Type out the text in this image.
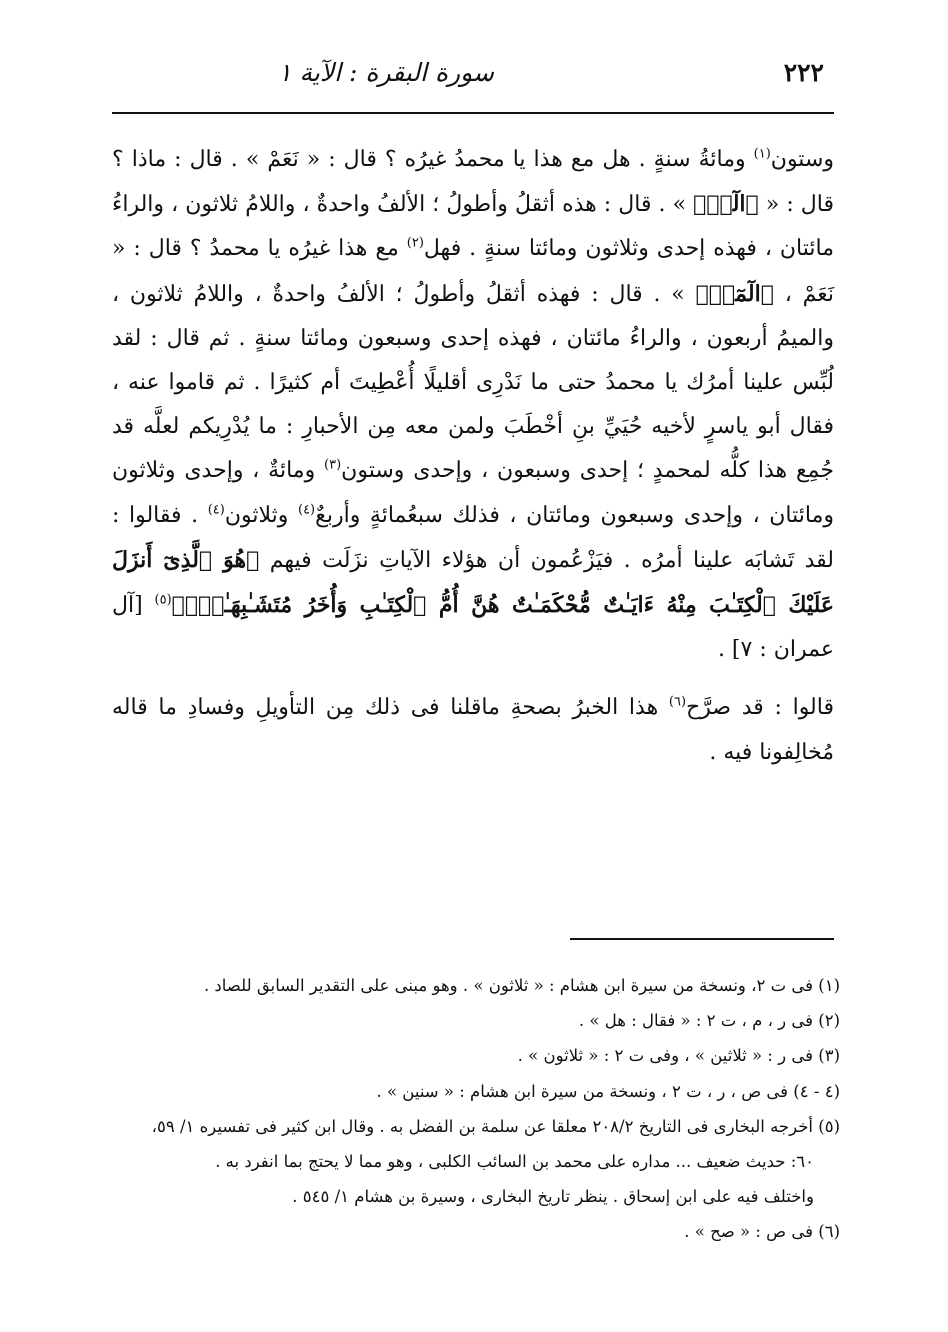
٢٢٢
سورة البقرة : الآية ١

وستون$^{(١)}$ ومائةُ سنةٍ . هل مع هذا يا محمدُ غيرُه ؟ قال : « نَعَمْ » . قال : ماذا ؟ قال : « ﴿الٓرۚ﴾ » . قال : هذه أثقلُ وأطولُ ؛ الألفُ واحدةٌ ، واللامُ ثلاثون ، والراءُ مائتان ، فهذه إحدى وثلاثون ومائتا سنةٍ . فهل$^{(٢)}$ مع هذا غيرُه يا محمدُ ؟ قال : « نَعَمْ ، ﴿الٓمٓرۚ﴾ » . قال : فهذه أثقلُ وأطولُ ؛ الألفُ واحدةٌ ، واللامُ ثلاثون ، والميمُ أربعون ، والراءُ مائتان ، فهذه إحدى وسبعون ومائتا سنةٍ . ثم قال : لقد لُبِّس علينا أمرُك يا محمدُ حتى ما نَدْرِى أقليلًا أُعْطِيتَ أم كثيرًا . ثم قاموا عنه ، فقال أبو ياسرٍ لأخيه حُيَيِّ بنِ أخْطَبَ ولمن معه مِن الأحبارِ : ما يُدْرِيكم لعلَّه قد جُمِع هذا كلُّه لمحمدٍ ؛ إحدى وسبعون ، وإحدى وستون$^{(٣)}$ ومائةٌ ، وإحدى وثلاثون ومائتان ، وإحدى وسبعون ومائتان ، فذلك سبعُمائةٍ وأربعٌ$^{(٤)}$ وثلاثون$^{(٤)}$ . فقالوا : لقد تَشابَه علينا أمرُه . فيَزْعُمون أن هؤلاء الآياتِ نزَلَت فيهم ﴿هُوَ ٱلَّذِىٓ أَنزَلَ عَلَيْكَ ٱلْكِتَـٰبَ مِنْهُ ءَايَـٰتٌ مُّحْكَمَـٰتٌ هُنَّ أُمُّ ٱلْكِتَـٰبِ وَأُخَرُ مُتَشَـٰبِهَـٰتٌۖ﴾$^{(٥)}$ [آل عمران : ٧] .

قالوا : قد صرَّح$^{(٦)}$ هذا الخبرُ بصحةِ ماقلنا فى ذلك مِن التأويلِ وفسادِ ما قاله مُخالِفونا فيه .

(١) فى ت ٢، ونسخة من سيرة ابن هشام : « ثلاثون » . وهو مبنى على التقدير السابق للصاد .

(٢) فى ر ، م ، ت ٢ : « فقال : هل » .

(٣) فى ر : « ثلاثين » ، وفى ت ٢ : « ثلاثون » .

(٤ - ٤) فى ص ، ر ، ت ٢ ، ونسخة من سيرة ابن هشام : « سنين » .

(٥) أخرجه البخارى فى التاريخ ٢٠٨/٢ معلقا عن سلمة بن الفضل به . وقال ابن كثير فى تفسيره ١/ ٥٩،

٦٠: حديث ضعيف ... مداره على محمد بن السائب الكلبى ، وهو مما لا يحتج بما انفرد به .

واختلف فيه على ابن إسحاق . ينظر تاريخ البخارى ، وسيرة بن هشام ١/ ٥٤٥ .

(٦) فى ص : « صح » .
